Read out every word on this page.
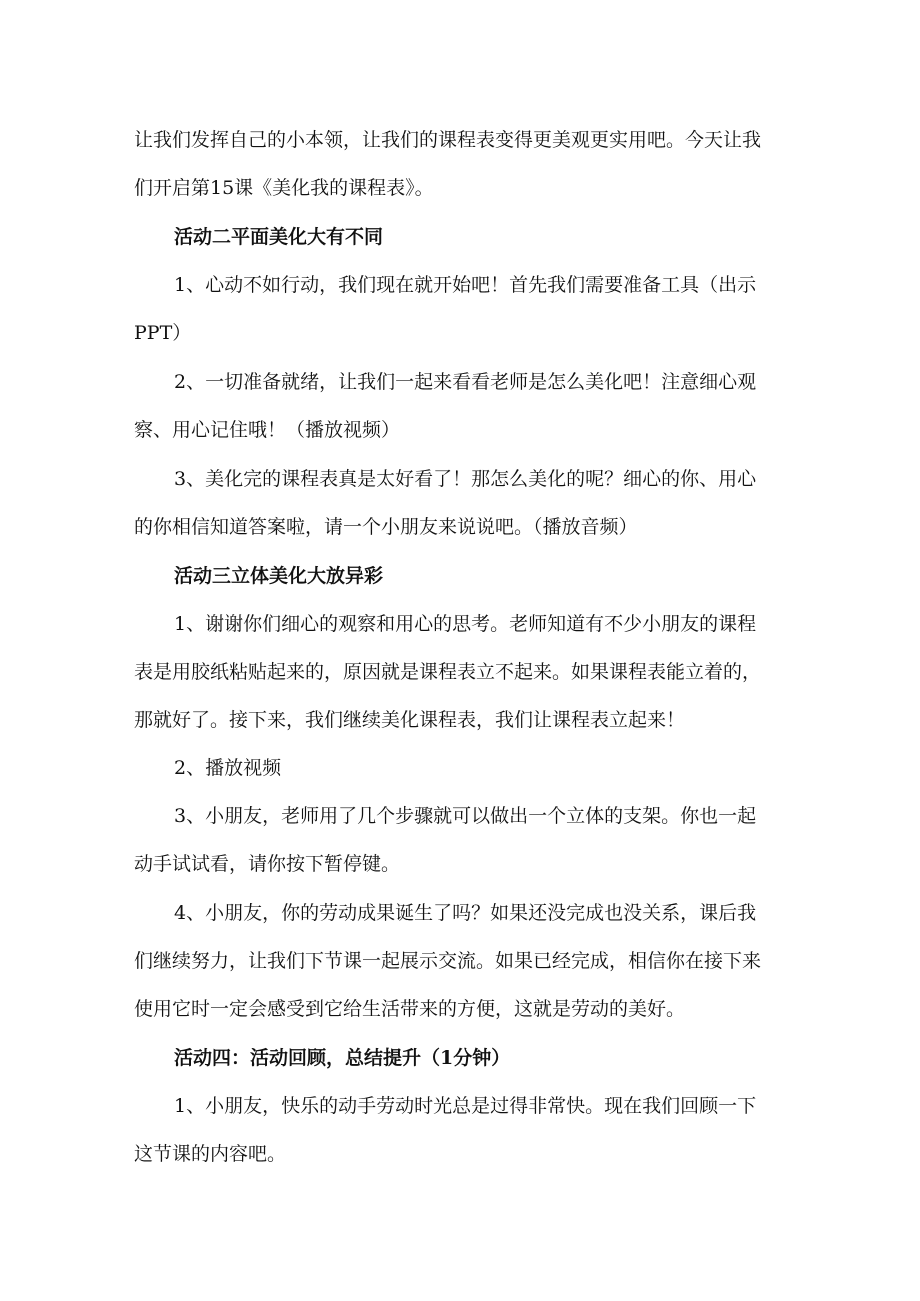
让我们发挥自己的小本领，让我们的课程表变得更美观更实用吧。今天让我
们开启第15课《美化我的课程表》。
活动二平面美化大有不同
1、心动不如行动，我们现在就开始吧！首先我们需要准备工具（出示
PPT）
2、一切准备就绪，让我们一起来看看老师是怎么美化吧！注意细心观
察、用心记住哦！（播放视频）
3、美化完的课程表真是太好看了！那怎么美化的呢？细心的你、用心
的你相信知道答案啦，请一个小朋友来说说吧。（播放音频）
活动三立体美化大放异彩
1、谢谢你们细心的观察和用心的思考。老师知道有不少小朋友的课程
表是用胶纸粘贴起来的，原因就是课程表立不起来。如果课程表能立着的，
那就好了。接下来，我们继续美化课程表，我们让课程表立起来！
2、播放视频
3、小朋友，老师用了几个步骤就可以做出一个立体的支架。你也一起
动手试试看，请你按下暂停键。
4、小朋友，你的劳动成果诞生了吗？如果还没完成也没关系，课后我
们继续努力，让我们下节课一起展示交流。如果已经完成，相信你在接下来
使用它时一定会感受到它给生活带来的方便，这就是劳动的美好。
活动四：活动回顾，总结提升（1分钟）
1、小朋友，快乐的动手劳动时光总是过得非常快。现在我们回顾一下
这节课的内容吧。
